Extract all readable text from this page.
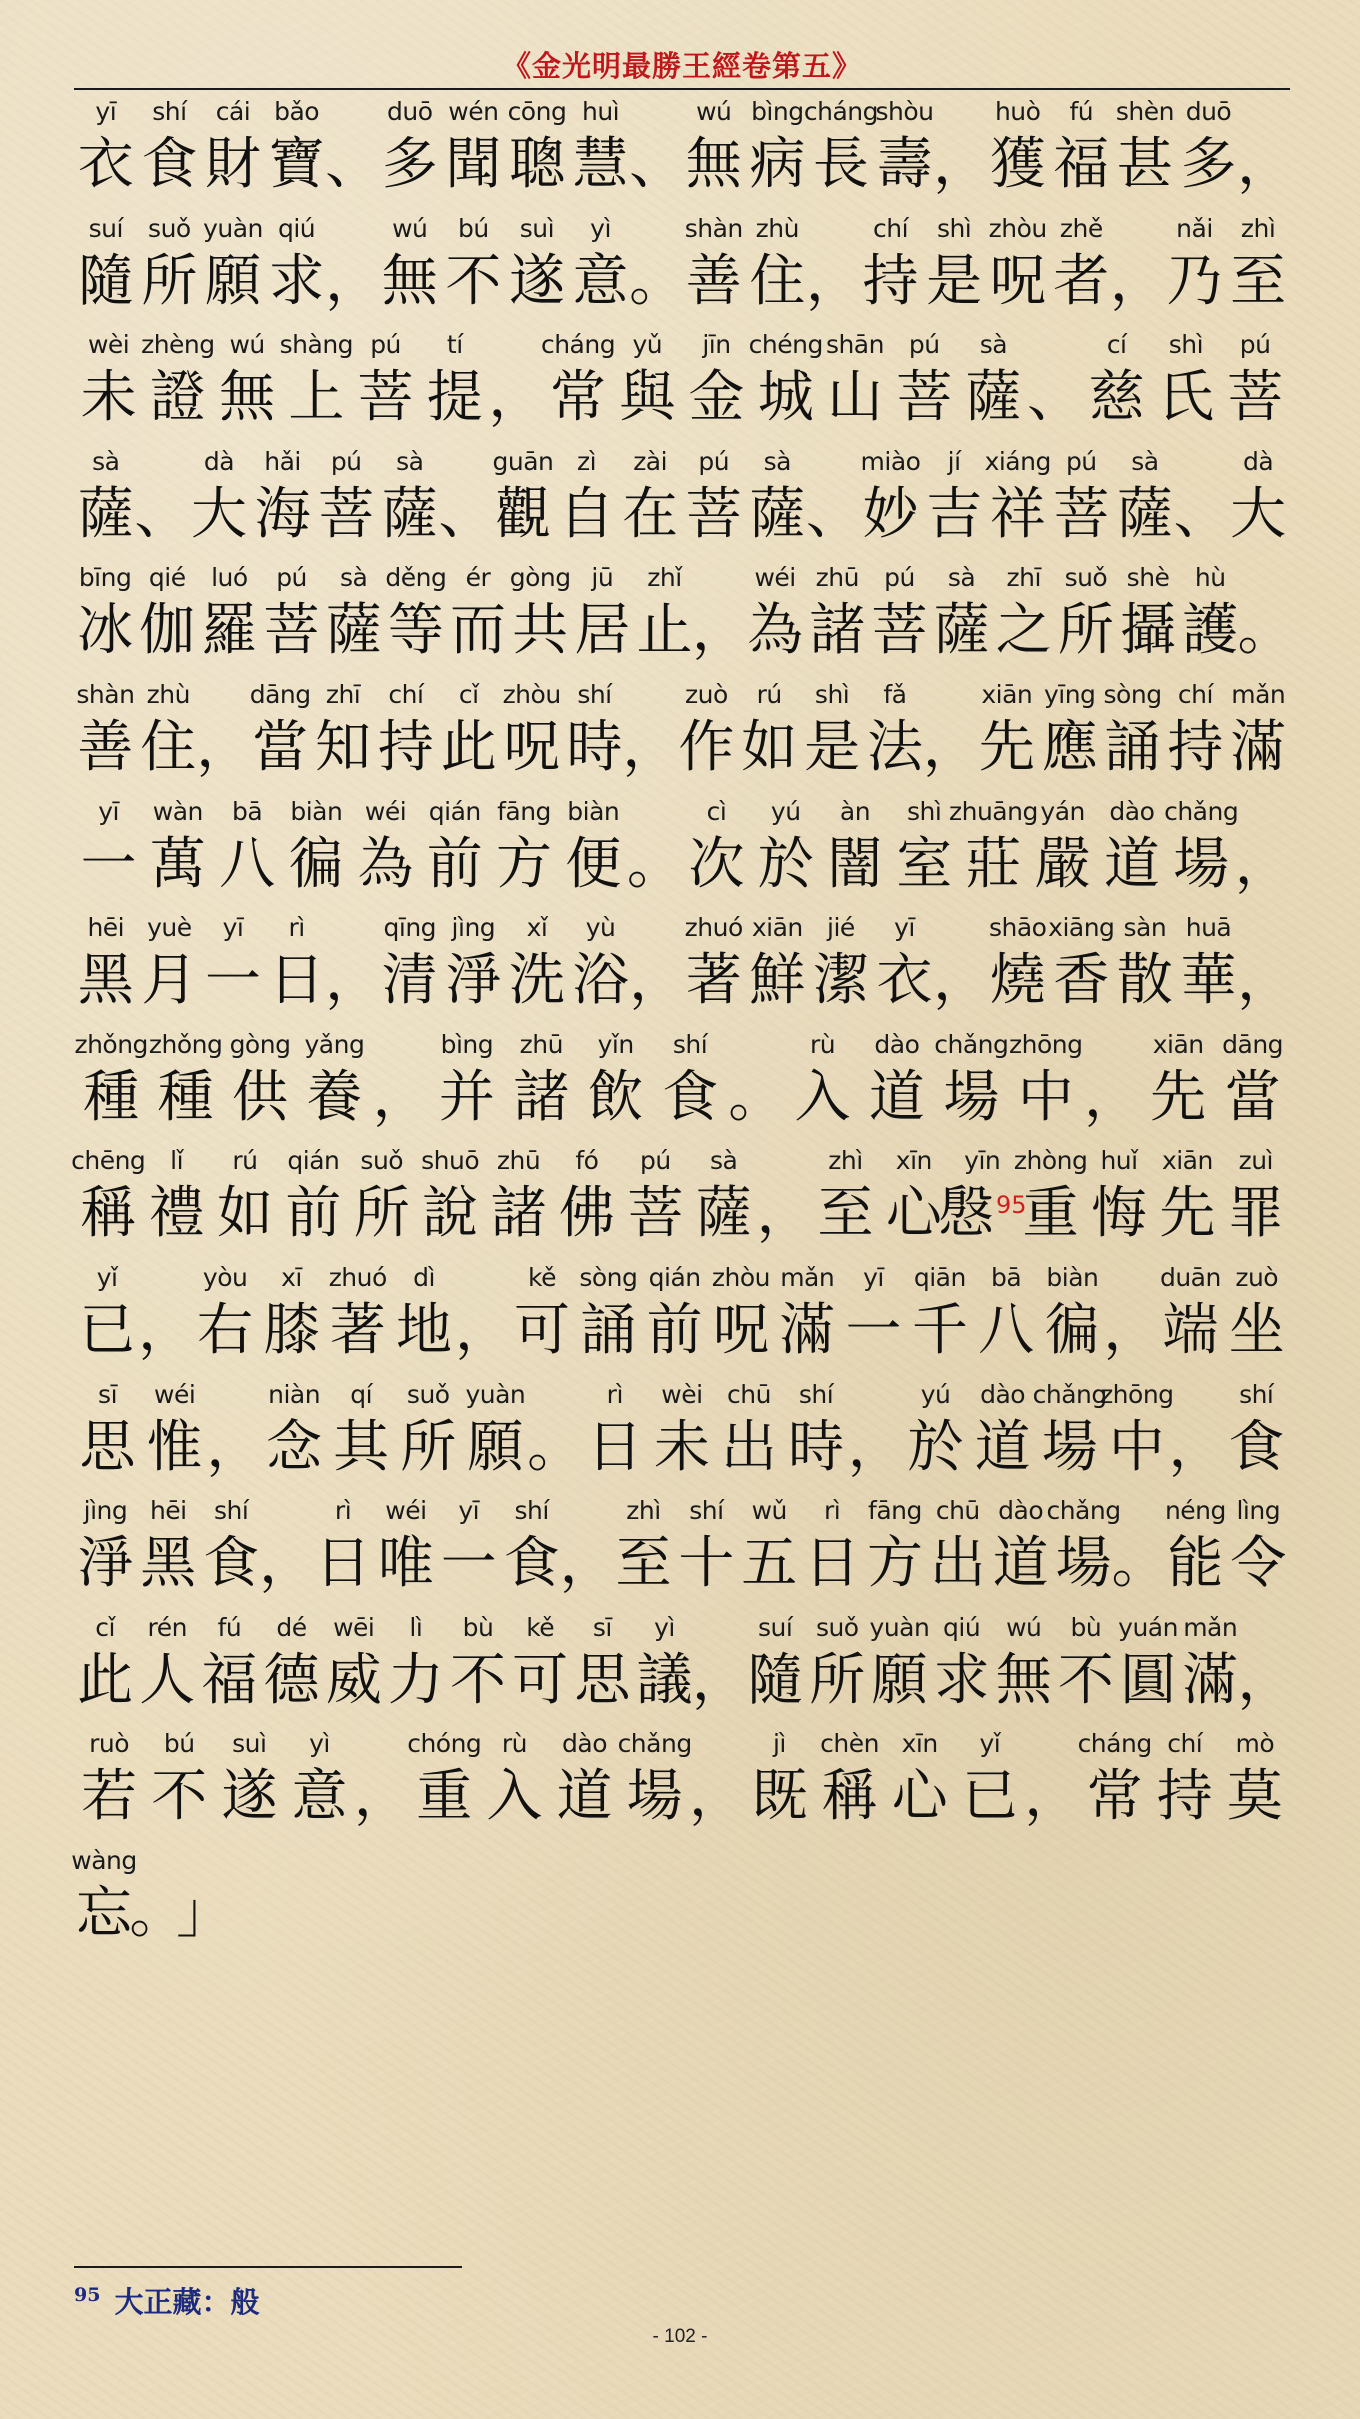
《金光明最勝王經卷第五》
yī
衣
shí
食
cái
財
bǎo
寶 、
duō
多
wén
聞
cōng
聰
huì
慧 、
wú
無
bìng
病
cháng
長
shòu
壽 ，
huò
獲
fú
福
shèn
甚
duō
多 ，
suí
隨
suǒ
所
yuàn
願
qiú
求 ，
wú
無
bú
不
suì
遂
yì
意 。
shàn
善
zhù
住 ，
chí
持
shì
是
zhòu
呪
zhě
者 ，
nǎi
乃
zhì
至
wèi
未
zhèng
證
wú
無
shàng
上
pú
菩
tí
提 ，
cháng
常
yǔ
與
jīn
金
chéng
城
shān
山
pú
菩
sà
薩 、
cí
慈
shì
氏
pú
菩
sà
薩 、
dà
大
hǎi
海
pú
菩
sà
薩 、
guān
觀
zì
自
zài
在
pú
菩
sà
薩 、
miào
妙
jí
吉
xiáng
祥
pú
菩
sà
薩 、
dà
大
bīng
冰
qié
伽
luó
羅
pú
菩
sà
薩
děng
等
ér
而
gòng
共
jū
居
zhǐ
止 ，
wéi
為
zhū
諸
pú
菩
sà
薩
zhī
之
suǒ
所
shè
攝
hù
護 。
shàn
善
zhù
住 ，
dāng
當
zhī
知
chí
持
cǐ
此
zhòu
呪
shí
時 ，
zuò
作
rú
如
shì
是
fǎ
法 ，
xiān
先
yīng
應
sòng
誦
chí
持
mǎn
滿
yī
一
wàn
萬
bā
八
biàn
徧
wéi
為
qián
前
fāng
方
biàn
便 。
cì
次
yú
於
àn
闇
shì
室
zhuāng
莊
yán
嚴
dào
道
chǎng
場 ，
hēi
黑
yuè
月
yī
一
rì
日 ，
qīng
清
jìng
淨
xǐ
洗
yù
浴 ，
zhuó
著
xiān
鮮
jié
潔
yī
衣 ，
shāo
燒
xiāng
香
sàn
散
huā
華 ，
zhǒng
種
zhǒng
種
gòng
供
yǎng
養 ，
bìng
并
zhū
諸
yǐn
飲
shí
食 。
rù
入
dào
道
chǎng
場
zhōng
中 ，
xiān
先
dāng
當
chēng
稱
lǐ
禮
rú
如
qián
前
suǒ
所
shuō
說
zhū
諸
fó
佛
pú
菩
sà
薩 ，
zhì
至
xīn
心
yīn
慇$^{95}$
zhòng
重
huǐ
悔
xiān
先
zuì
罪
yǐ
已 ，
yòu
右
xī
膝
zhuó
著
dì
地 ，
kě
可
sòng
誦
qián
前
zhòu
呪
mǎn
滿
yī
一
qiān
千
bā
八
biàn
徧 ，
duān
端
zuò
坐
sī
思
wéi
惟 ，
niàn
念
qí
其
suǒ
所
yuàn
願 。
rì
日
wèi
未
chū
出
shí
時 ，
yú
於
dào
道
chǎng
場
zhōng
中 ，
shí
食
jìng
淨
hēi
黑
shí
食 ，
rì
日
wéi
唯
yī
一
shí
食 ，
zhì
至
shí
十
wǔ
五
rì
日
fāng
方
chū
出
dào
道
chǎng
場 。
néng
能
lìng
令
cǐ
此
rén
人
fú
福
dé
德
wēi
威
lì
力
bù
不
kě
可
sī
思
yì
議 ，
suí
隨
suǒ
所
yuàn
願
qiú
求
wú
無
bù
不
yuán
圓
mǎn
滿 ，
ruò
若
bú
不
suì
遂
yì
意 ，
chóng
重
rù
入
dào
道
chǎng
場 ，
jì
既
chèn
稱
xīn
心
yǐ
已 ，
cháng
常
chí
持
mò
莫
wàng
忘
。
」
$^{95}$ 大正藏：般
- 102 -
